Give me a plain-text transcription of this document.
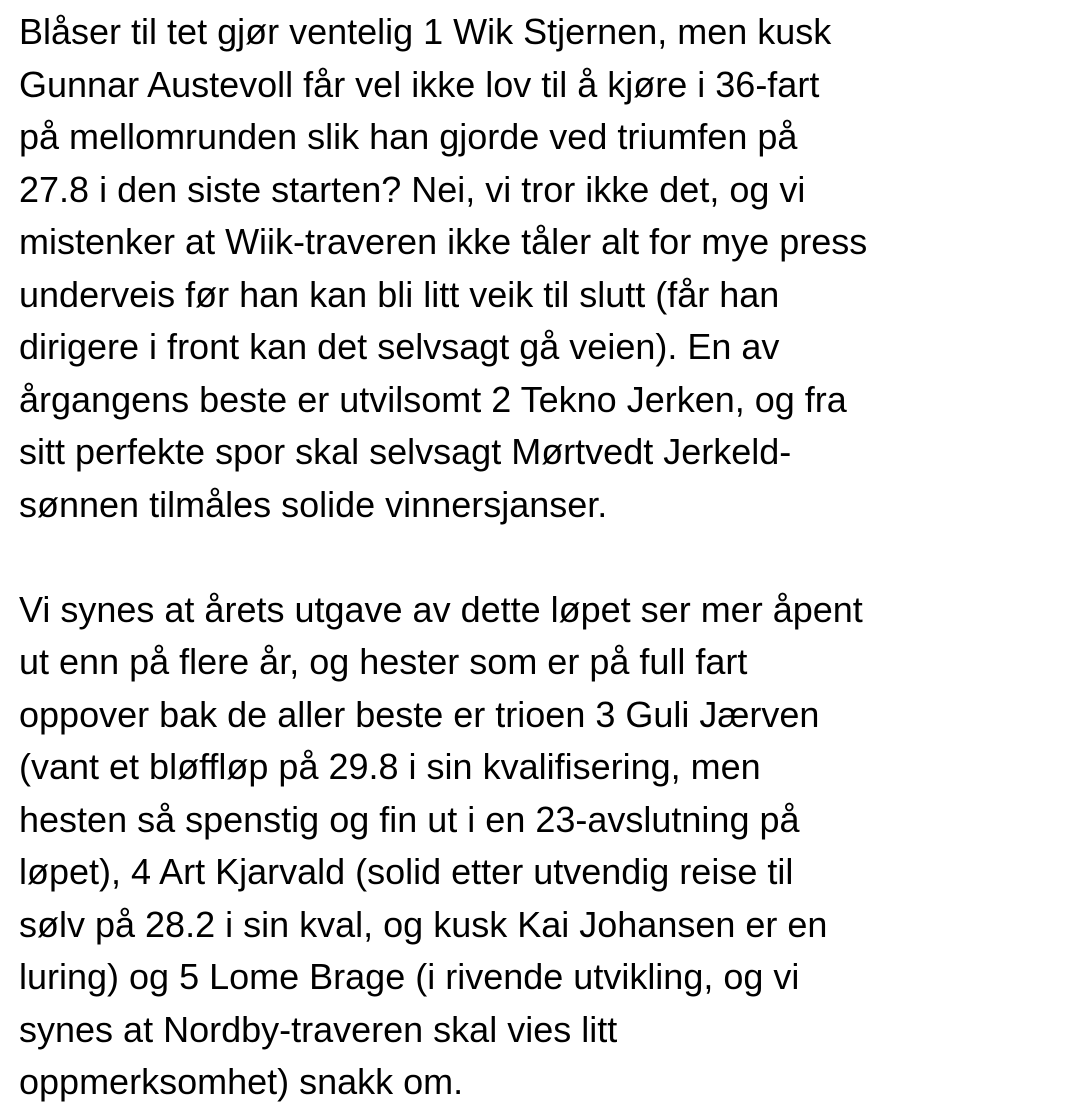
Blåser til tet gjør ventelig 1 Wik Stjernen, men kusk
Gunnar Austevoll får vel ikke lov til å kjøre i 36-fart
på mellomrunden slik han gjorde ved triumfen på
27.8 i den siste starten? Nei, vi tror ikke det, og vi
mistenker at Wiik-traveren ikke tåler alt for mye press
underveis før han kan bli litt veik til slutt (får han
dirigere i front kan det selvsagt gå veien). En av
årgangens beste er utvilsomt 2 Tekno Jerken, og fra
sitt perfekte spor skal selvsagt Mørtvedt Jerkeld-
sønnen tilmåles solide vinnersjanser.

Vi synes at årets utgave av dette løpet ser mer åpent
ut enn på flere år, og hester som er på full fart
oppover bak de aller beste er trioen 3 Guli Jærven
(vant et bløffløp på 29.8 i sin kvalifisering, men
hesten så spenstig og fin ut i en 23-avslutning på
løpet), 4 Art Kjarvald (solid etter utvendig reise til
sølv på 28.2 i sin kval, og kusk Kai Johansen er en
luring) og 5 Lome Brage (i rivende utvikling, og vi
synes at Nordby-traveren skal vies litt
oppmerksomhet) snakk om.
